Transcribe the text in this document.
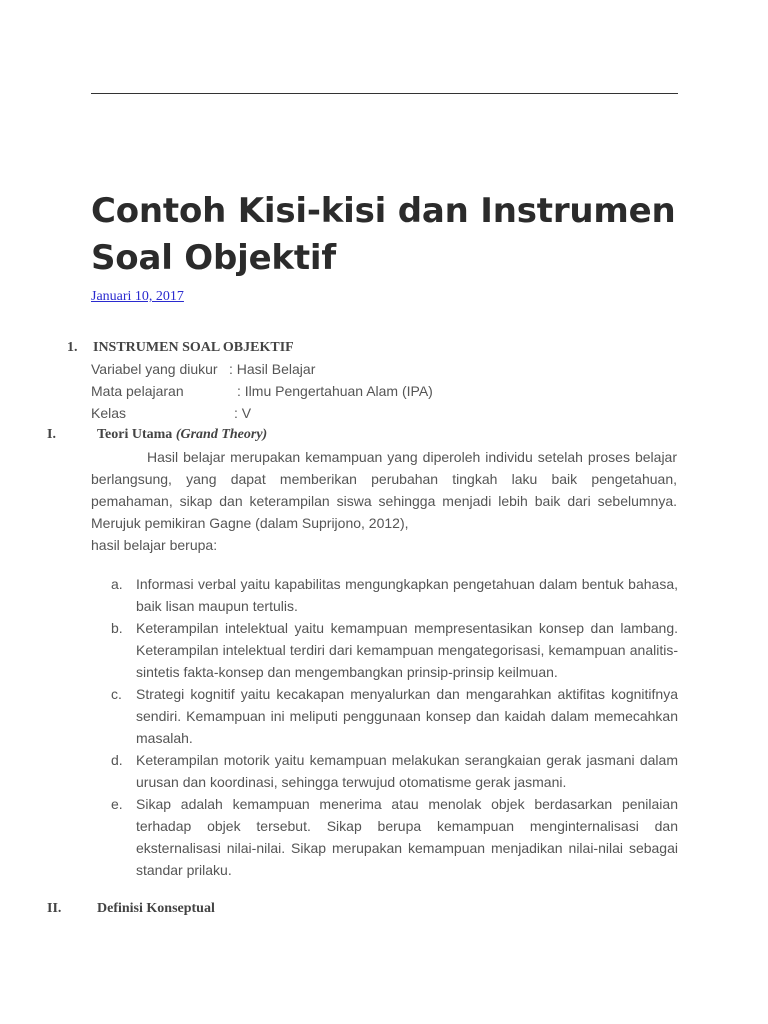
Contoh Kisi-kisi dan Instrumen Soal Objektif
Januari 10, 2017
1. INSTRUMEN SOAL OBJEKTIF
Variabel yang diukur : Hasil Belajar
Mata pelajaran	: Ilmu Pengertahuan Alam (IPA)
Kelas	: V
I.	Teori Utama (Grand Theory)

Hasil belajar merupakan kemampuan yang diperoleh individu setelah proses belajar berlangsung, yang dapat memberikan perubahan tingkah laku baik pengetahuan, pemahaman, sikap dan keterampilan siswa sehingga menjadi lebih baik dari sebelumnya. Merujuk pemikiran Gagne (dalam Suprijono, 2012),

hasil belajar berupa:

a. Informasi verbal yaitu kapabilitas mengungkapkan pengetahuan dalam bentuk bahasa, baik lisan maupun tertulis.
b. Keterampilan intelektual yaitu kemampuan mempresentasikan konsep dan lambang. Keterampilan intelektual terdiri dari kemampuan mengategorisasi, kemampuan analitis-sintetis fakta-konsep dan mengembangkan prinsip-prinsip keilmuan.
c. Strategi kognitif yaitu kecakapan menyalurkan dan mengarahkan aktifitas kognitifnya sendiri. Kemampuan ini meliputi penggunaan konsep dan kaidah dalam memecahkan masalah.
d. Keterampilan motorik yaitu kemampuan melakukan serangkaian gerak jasmani dalam urusan dan koordinasi, sehingga terwujud otomatisme gerak jasmani.
e. Sikap adalah kemampuan menerima atau menolak objek berdasarkan penilaian terhadap objek tersebut. Sikap berupa kemampuan menginternalisasi dan eksternalisasi nilai-nilai. Sikap merupakan kemampuan menjadikan nilai-nilai sebagai standar prilaku.
II.	Definisi Konseptual
